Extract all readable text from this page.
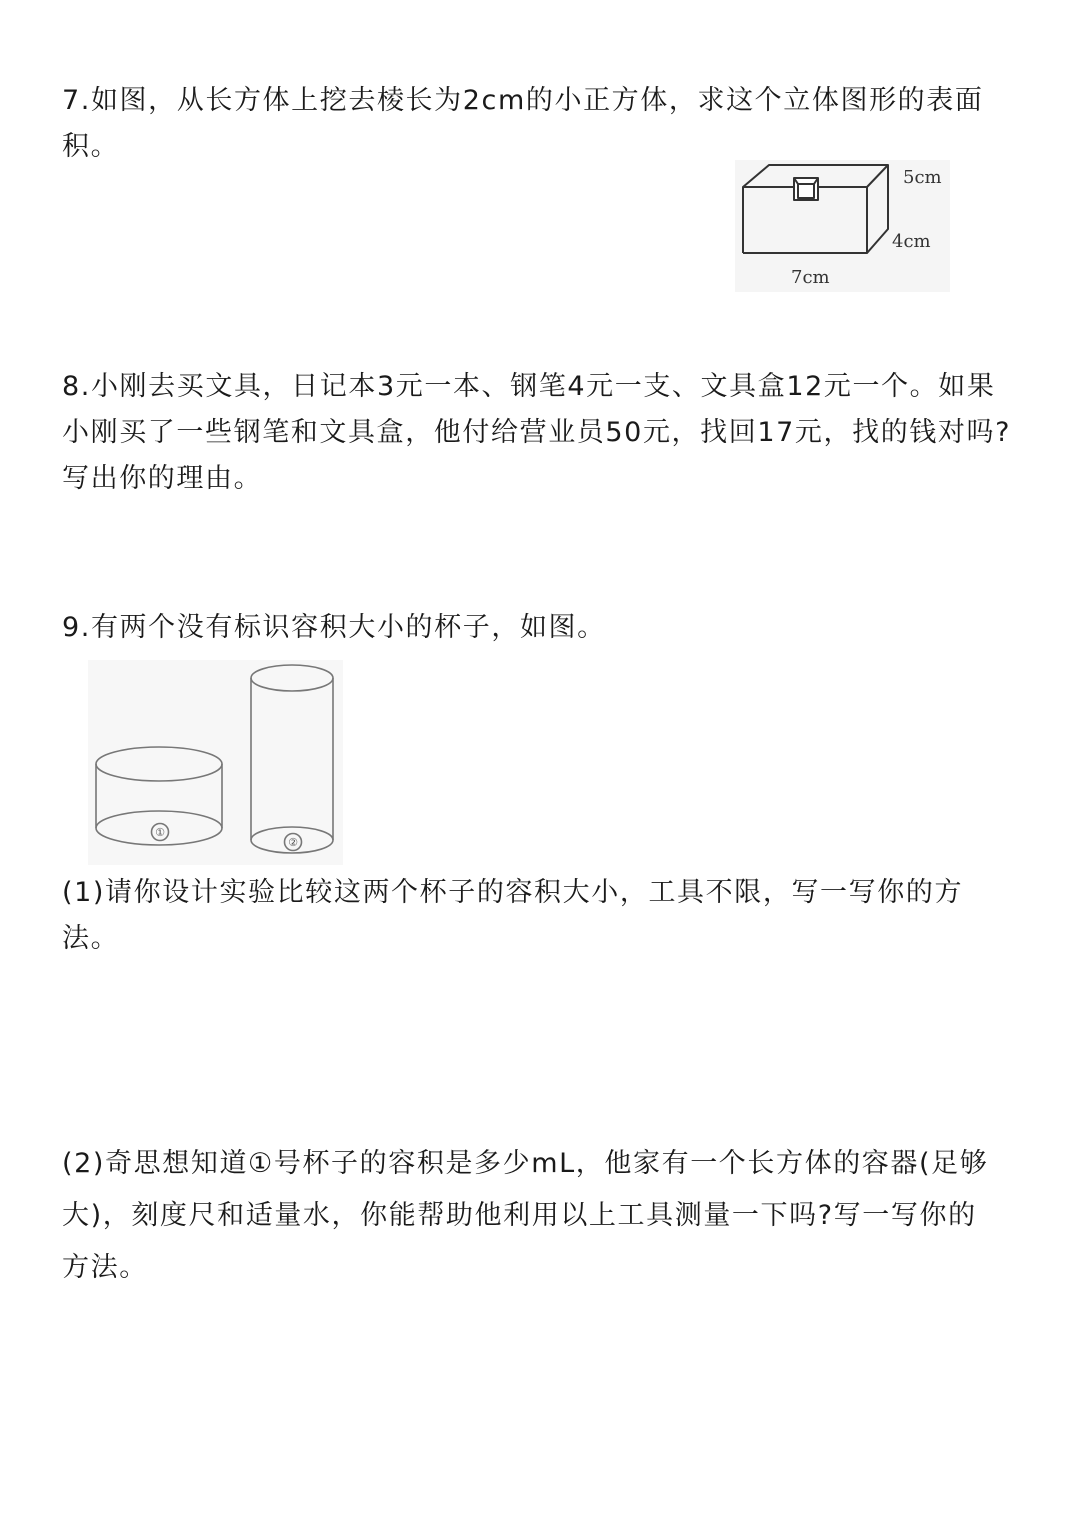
7.如图，从长方体上挖去棱长为2cm的小正方体，求这个立体图形的表面
积。
5cm
4cm
7cm
8.小刚去买文具，日记本3元一本、钢笔4元一支、文具盒12元一个。如果
小刚买了一些钢笔和文具盒，他付给营业员50元，找回17元，找的钱对吗?
写出你的理由。
9.有两个没有标识容积大小的杯子，如图。
①
②
(1)请你设计实验比较这两个杯子的容积大小，工具不限，写一写你的方
法。
(2)奇思想知道①号杯子的容积是多少mL，他家有一个长方体的容器(足够
大)，刻度尺和适量水，你能帮助他利用以上工具测量一下吗?写一写你的
方法。
